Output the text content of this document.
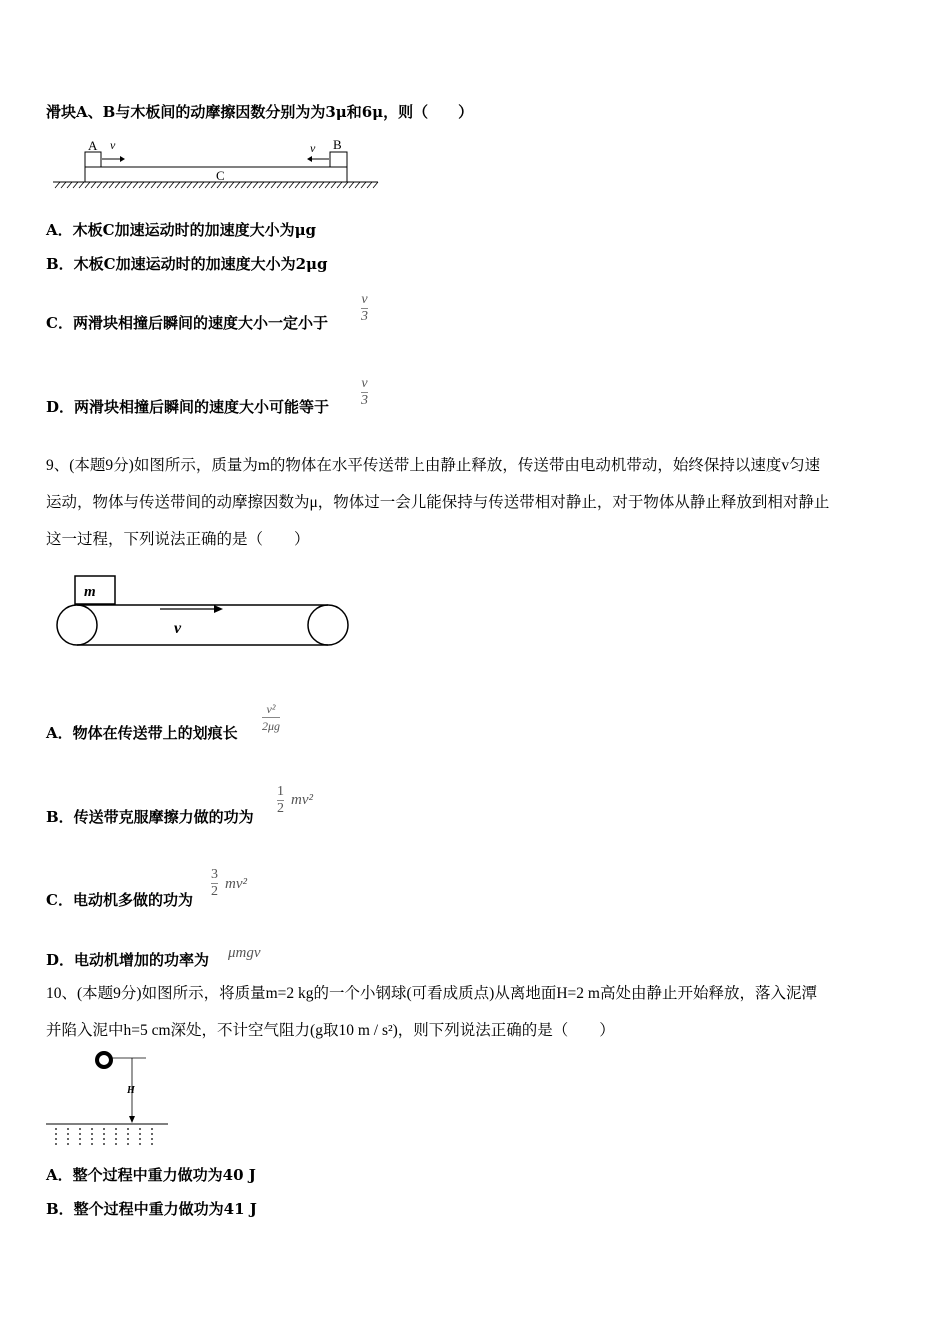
滑块A、B与木板间的动摩擦因数分别为为3μ和6μ，则（　　）
A v	v B
C
A．木板C加速运动时的加速度大小为μg
B．木板C加速运动时的加速度大小为2μg
C．两滑块相撞后瞬间的速度大小一定小于
v
3
D．两滑块相撞后瞬间的速度大小可能等于
v
3
9、(本题9分)如图所示，质量为m的物体在水平传送带上由静止释放，传送带由电动机带动，始终保持以速度v匀速
运动，物体与传送带间的动摩擦因数为μ，物体过一会儿能保持与传送带相对静止，对于物体从静止释放到相对静止
这一过程，下列说法正确的是（　　）
m
v
A．物体在传送带上的划痕长
v²
2μg
B．传送带克服摩擦力做的功为
1
2
mv²
C．电动机多做的功为
3
2 mv²
D．电动机增加的功率为 μmgv
10、(本题9分)如图所示，将质量m=2 kg的一个小钢球(可看成质点)从离地面H=2 m高处由静止开始释放，落入泥潭
并陷入泥中h=5 cm深处，不计空气阻力(g取10 m / s²)，则下列说法正确的是（　　）
H
A．整个过程中重力做功为40 J
B．整个过程中重力做功为41 J
